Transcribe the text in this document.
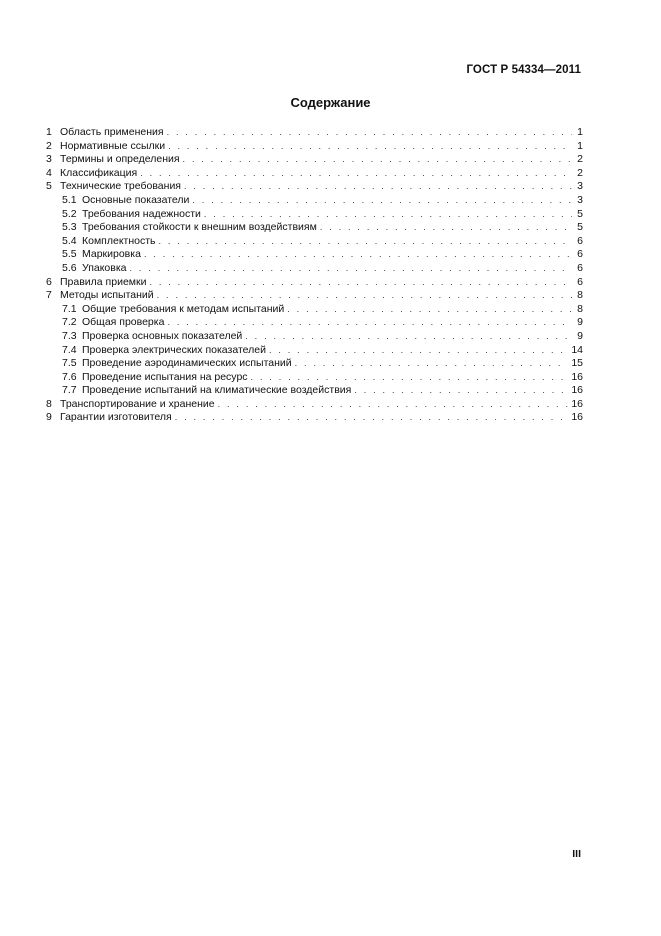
ГОСТ Р 54334—2011
Содержание
1 Область применения . . .	1
2 Нормативные ссылки . . .	1
3 Термины и определения . . .	2
4 Классификация . . .	2
5 Технические требования . . .	3
5.1 Основные показатели . . .	3
5.2 Требования надежности . . .	5
5.3 Требования стойкости к внешним воздействиям . . .	5
5.4 Комплектность . . .	6
5.5 Маркировка . . .	6
5.6 Упаковка . . .	6
6 Правила приемки . . .	6
7 Методы испытаний . . .	8
7.1 Общие требования к методам испытаний . . .	8
7.2 Общая проверка . . .	9
7.3 Проверка основных показателей . . .	9
7.4 Проверка электрических показателей . . .	14
7.5 Проведение аэродинамических испытаний . . .	15
7.6 Проведение испытания на ресурс . . .	16
7.7 Проведение испытаний на климатические воздействия . . .	16
8 Транспортирование и хранение . . .	16
9 Гарантии изготовителя . . .	16
III
